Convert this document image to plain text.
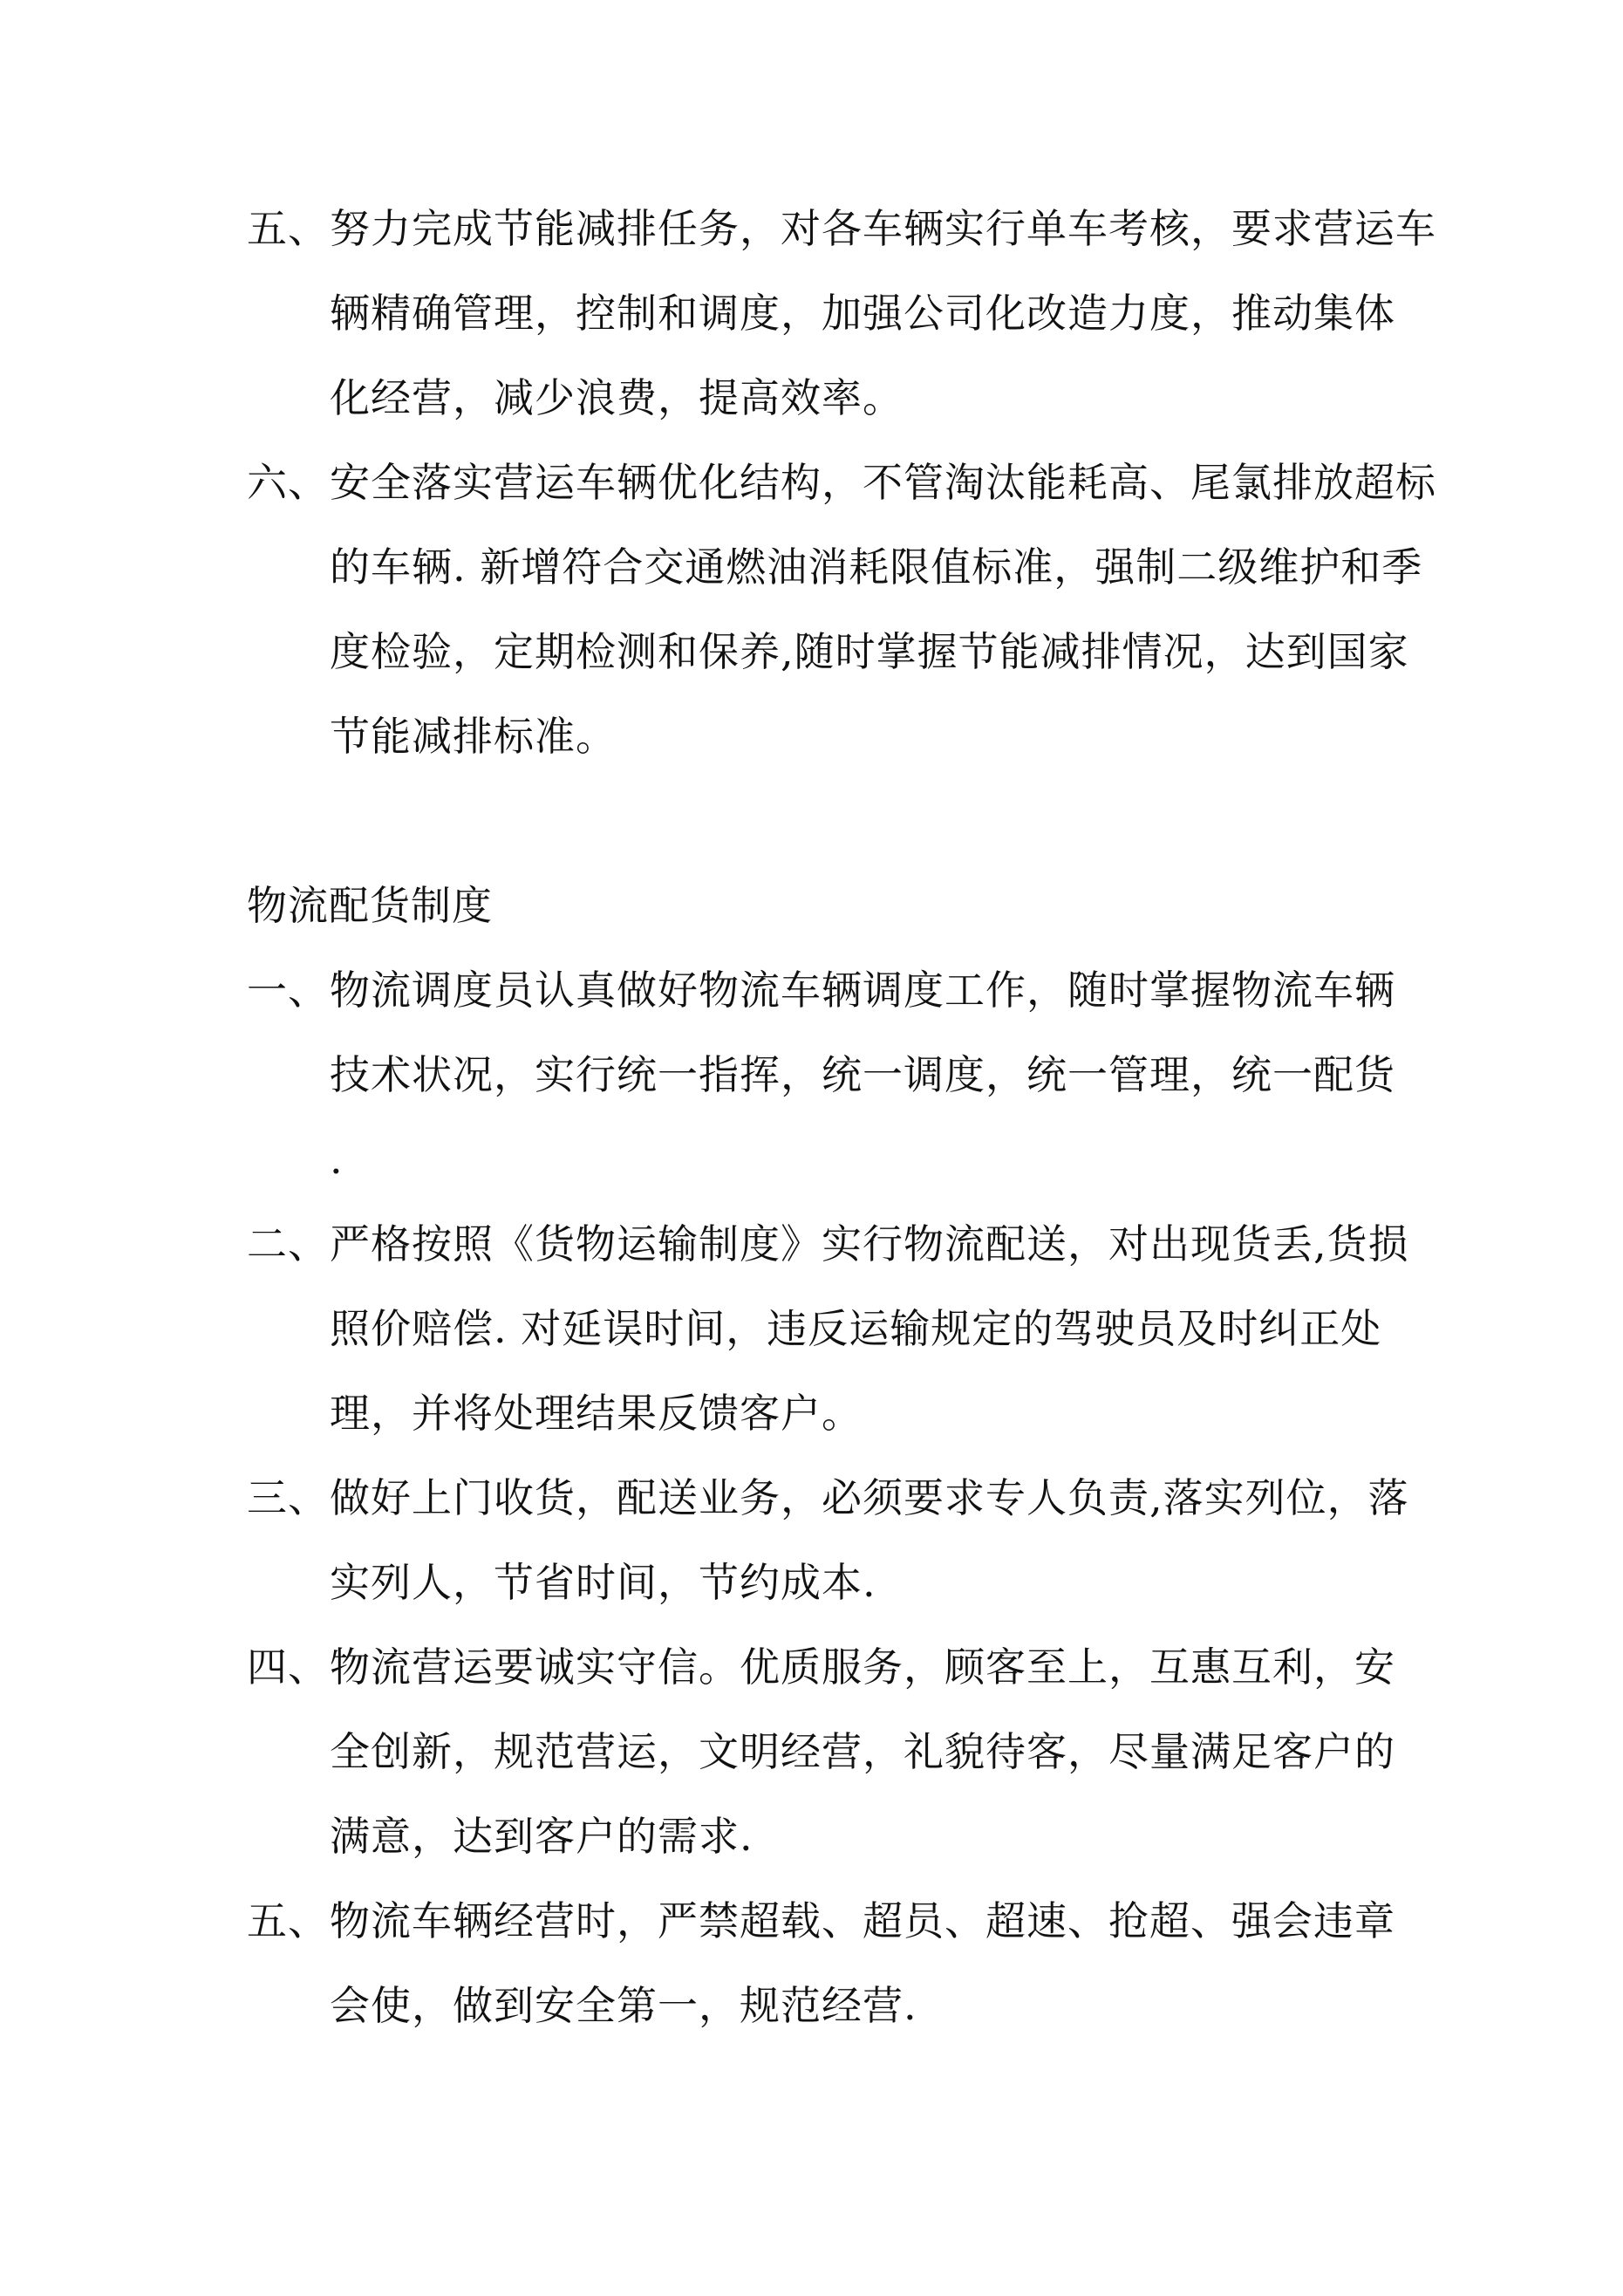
五、努力完成节能减排任务，对各车辆实行单车考核，要求营运车
辆精确管理，控制和调度，加强公司化改造力度，推动集体
化经营，减少浪费，提高效率。
六、安全落实营运车辆优化结构，不管淘汰能耗高、尾氯排放超标
的车辆. 新增符合交通燃油消耗限值标准，强制二级维护和季
度检验，定期检测和保养,随时掌握节能减排情况，达到国家
节能减排标准。
物流配货制度
一、物流调度员认真做好物流车辆调度工作，随时掌握物流车辆
技术状况，实行统一指挥，统一调度，统一管理，统一配货
.
二、严格按照《货物运输制度》实行物流配送，对出现货丢,货损
照价赔偿. 对延误时间，违反运输规定的驾驶员及时纠正处
理，并将处理结果反馈客户。
三、做好上门收货，配送业务，必须要求专人负责,落实列位，落
实列人，节省时间，节约成本.
四、物流营运要诚实守信。优质服务，顾客至上，互惠互利，安
全创新，规范营运，文明经营，礼貌待客，尽量满足客户的
满意，达到客户的需求.
五、物流车辆经营时，严禁超载、超员、超速、抢超、强会违章
会使，做到安全第一，规范经营.
